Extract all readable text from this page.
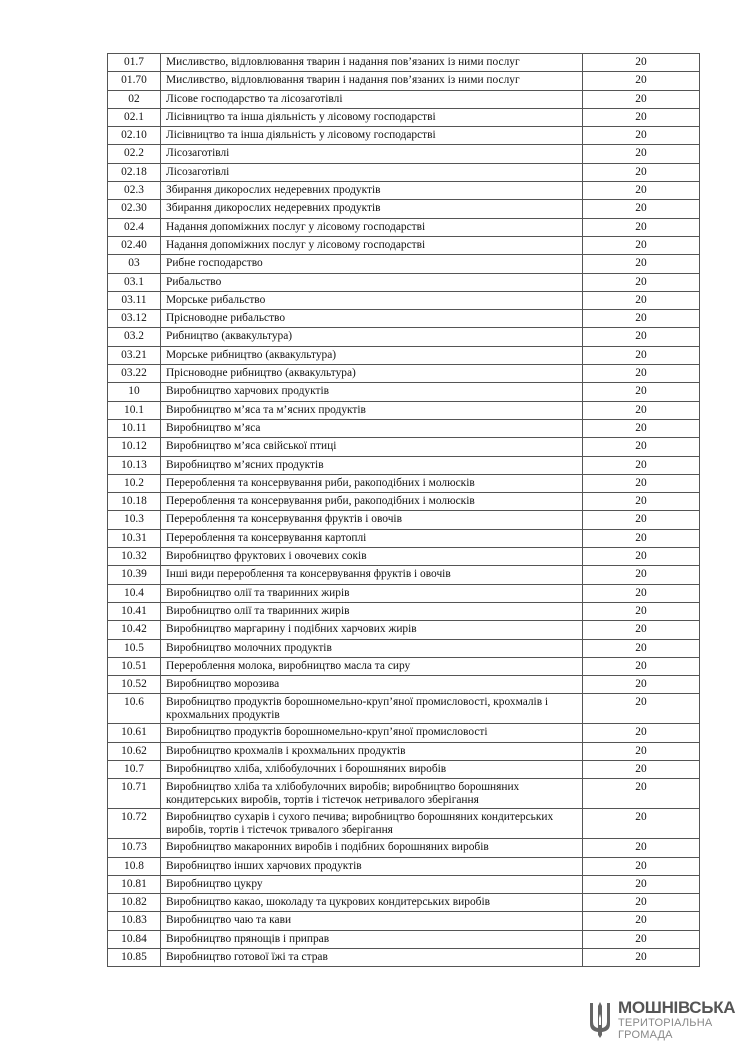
01.7	Мисливство, відловлювання тварин і надання пов’язаних із ними послуг	20
01.70	Мисливство, відловлювання тварин і надання пов’язаних із ними послуг	20
02	Лісове господарство та лісозаготівлі	20
02.1	Лісівництво та інша діяльність у лісовому господарстві	20
02.10	Лісівництво та інша діяльність у лісовому господарстві	20
02.2	Лісозаготівлі	20
02.18	Лісозаготівлі	20
02.3	Збирання дикорослих недеревних продуктів	20
02.30	Збирання дикорослих недеревних продуктів	20
02.4	Надання допоміжних послуг у лісовому господарстві	20
02.40	Надання допоміжних послуг у лісовому господарстві	20
03	Рибне господарство	20
03.1	Рибальство	20
03.11	Морське рибальство	20
03.12	Прісноводне рибальство	20
03.2	Рибництво (аквакультура)	20
03.21	Морське рибництво (аквакультура)	20
03.22	Прісноводне рибництво (аквакультура)	20
10	Виробництво харчових продуктів	20
10.1	Виробництво м’яса та м’ясних продуктів	20
10.11	Виробництво м’яса	20
10.12	Виробництво м’яса свійської птиці	20
10.13	Виробництво м’ясних продуктів	20
10.2	Перероблення та консервування риби, ракоподібних і молюсків	20
10.18	Перероблення та консервування риби, ракоподібних і молюсків	20
10.3	Перероблення та консервування фруктів і овочів	20
10.31	Перероблення та консервування картоплі	20
10.32	Виробництво фруктових і овочевих соків	20
10.39	Інші види перероблення та консервування фруктів і овочів	20
10.4	Виробництво олії та тваринних жирів	20
10.41	Виробництво олії та тваринних жирів	20
10.42	Виробництво маргарину і подібних харчових жирів	20
10.5	Виробництво молочних продуктів	20
10.51	Перероблення молока, виробництво масла та сиру	20
10.52	Виробництво морозива	20
10.6	Виробництво продуктів борошномельно-круп’яної промисловості, крохмалів і крохмальних продуктів	20
10.61	Виробництво продуктів борошномельно-круп’яної промисловості	20
10.62	Виробництво крохмалів і крохмальних продуктів	20
10.7	Виробництво хліба, хлібобулочних і борошняних виробів	20
10.71	Виробництво хліба та хлібобулочних виробів; виробництво борошняних кондитерських виробів, тортів і тістечок нетривалого зберігання	20
10.72	Виробництво сухарів і сухого печива; виробництво борошняних кондитерських виробів, тортів і тістечок тривалого зберігання	20
10.73	Виробництво макаронних виробів і подібних борошняних виробів	20
10.8	Виробництво інших харчових продуктів	20
10.81	Виробництво цукру	20
10.82	Виробництво какао, шоколаду та цукрових кондитерських виробів	20
10.83	Виробництво чаю та кави	20
10.84	Виробництво прянощів і приправ	20
10.85	Виробництво готової їжі та страв	20
МОШНІВСЬКА
ТЕРИТОРІАЛЬНА
ГРОМАДА
